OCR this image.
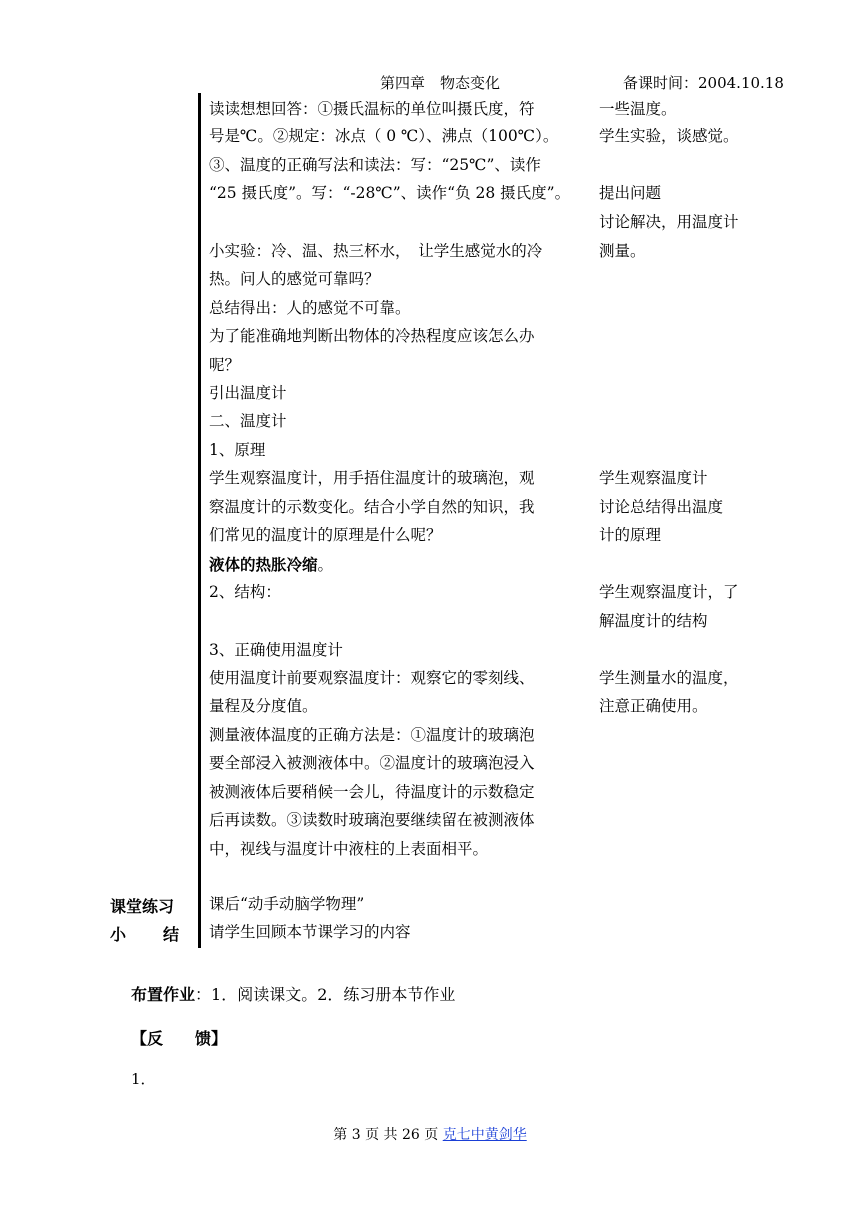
第四章　物态变化	备课时间：2004.10.18
读读想想回答：①摄氏温标的单位叫摄氏度，符
号是℃。②规定：冰点（ 0 ℃）、沸点（100℃）。
③、温度的正确写法和读法：写：“25℃”、读作
“25 摄氏度”。写：“-28℃”、读作“负 28 摄氏度”。
小实验：冷、温、热三杯水，　让学生感觉水的冷
热。问人的感觉可靠吗？
总结得出：人的感觉不可靠。
为了能准确地判断出物体的冷热程度应该怎么办
呢？
引出温度计
二、温度计
1、原理
学生观察温度计，用手捂住温度计的玻璃泡，观
察温度计的示数变化。结合小学自然的知识，我
们常见的温度计的原理是什么呢？
液体的热胀冷缩。
2、结构：
3、正确使用温度计
使用温度计前要观察温度计：观察它的零刻线、
量程及分度值。
测量液体温度的正确方法是：①温度计的玻璃泡
要全部浸入被测液体中。②温度计的玻璃泡浸入
被测液体后要稍候一会儿，待温度计的示数稳定
后再读数。③读数时玻璃泡要继续留在被测液体
中，视线与温度计中液柱的上表面相平。
一些温度。
学生实验，谈感觉。
提出问题
讨论解决，用温度计
测量。
学生观察温度计
讨论总结得出温度
计的原理
学生观察温度计，了
解温度计的结构
学生测量水的温度，
注意正确使用。
课堂练习 课后“动手动脑学物理”
小 结 请学生回顾本节课学习的内容
布置作业：1．阅读课文。2．练习册本节作业
【反　　馈】
1．
第 3 页 共 26 页 克七中黄剑华
